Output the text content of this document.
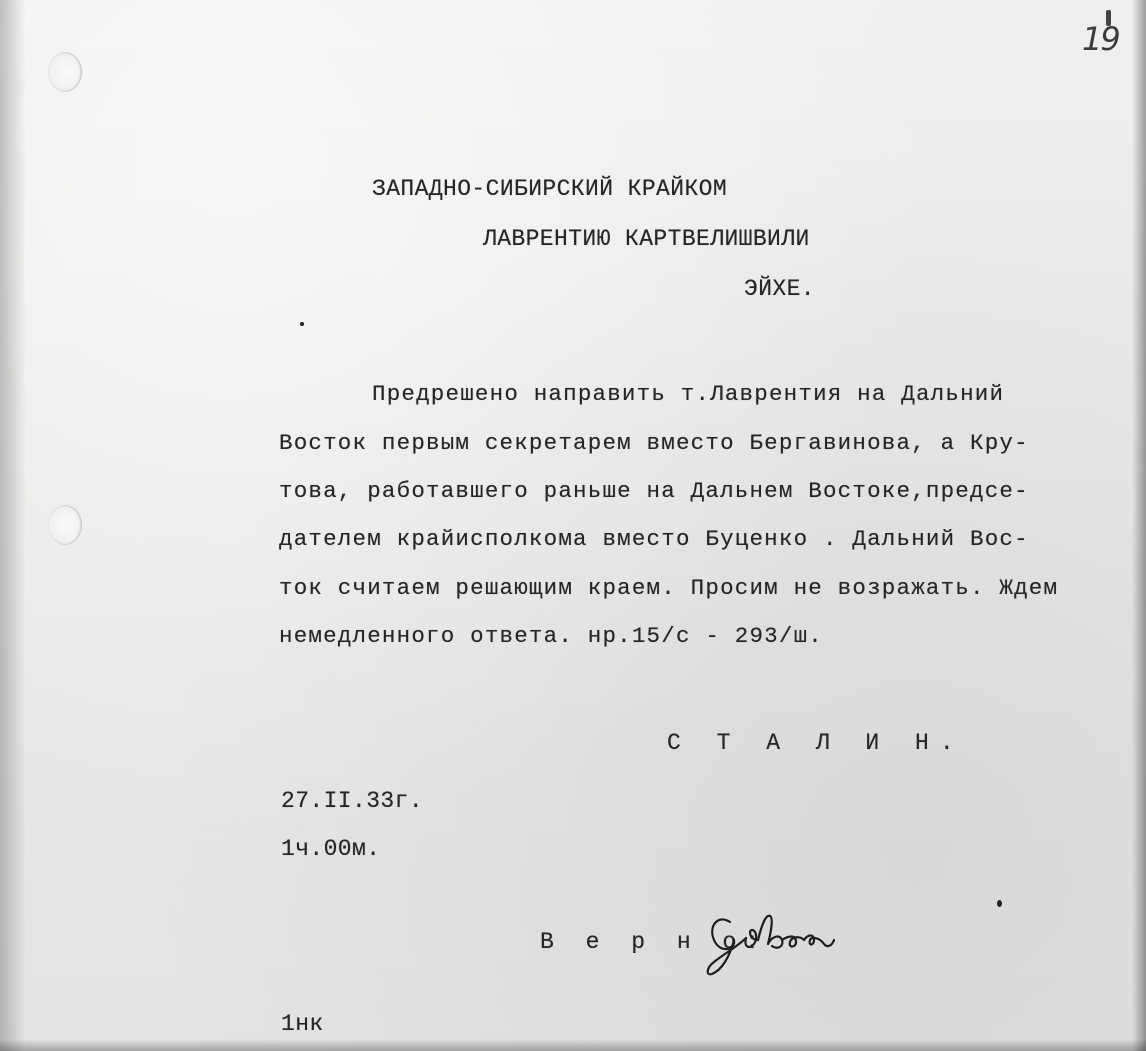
19
ЗАПАДНО-СИБИРСКИЙ КРАЙКОМ
ЛАВРЕНТИЮ КАРТВЕЛИШВИЛИ
ЭЙХЕ.
Предрешено направить т.Лаврентия на Дальний
Восток первым секретарем вместо Бергавинова, а Кру-
това, работавшего раньше на Дальнем Востоке,предсе-
дателем крайисполкома вместо Буценко . Дальний Вос-
ток считаем решающим краем. Просим не возражать. Ждем
немедленного ответа. нр.15/с - 293/ш.
С Т А Л И Н.
27.II.33г.
1ч.00м.
В е р н о:
1нк
